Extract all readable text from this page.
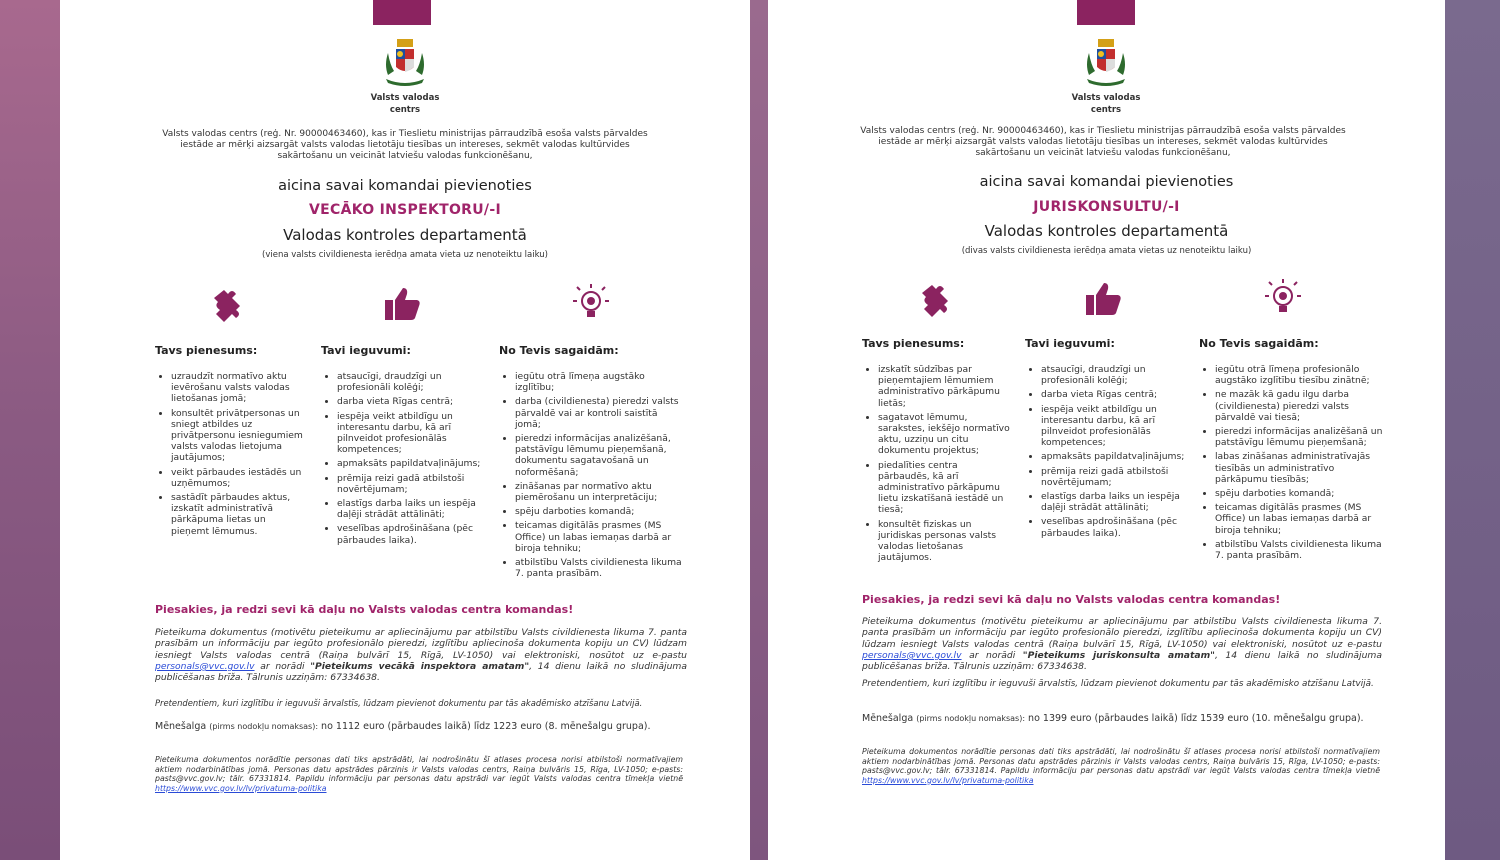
Valsts valodas
centrs
Valsts valodas centrs (reģ. Nr. 90000463460), kas ir Tieslietu ministrijas pārraudzībā esoša valsts pārvaldes iestāde ar mērķi aizsargāt valsts valodas lietotāju tiesības un intereses, sekmēt valodas kultūrvides sakārtošanu un veicināt latviešu valodas funkcionēšanu,
aicina savai komandai pievienoties
VECĀKO INSPEKTORU/-I
Valodas kontroles departamentā
(viena valsts civildienesta ierēdņa amata vieta uz nenoteiktu laiku)
Tavs pienesums:
• uzraudzīt normatīvo aktu ievērošanu valsts valodas lietošanas jomā;
• konsultēt privātpersonas un sniegt atbildes uz privātpersonu iesniegumiem valsts valodas lietojuma jautājumos;
• veikt pārbaudes iestādēs un uzņēmumos;
• sastādīt pārbaudes aktus, izskatīt administratīvā pārkāpuma lietas un pieņemt lēmumus.
Tavi ieguvumi:
• atsaucīgi, draudzīgi un profesionāli kolēģi;
• darba vieta Rīgas centrā;
• iespēja veikt atbildīgu un interesantu darbu, kā arī pilnveidot profesionālās kompetences;
• apmaksāts papildatvaļinājums;
• prēmija reizi gadā atbilstoši novērtējumam;
• elastīgs darba laiks un iespēja daļēji strādāt attālināti;
• veselības apdrošināšana (pēc pārbaudes laika).
No Tevis sagaidām:
• iegūtu otrā līmeņa augstāko izglītību;
• darba (civildienesta) pieredzi valsts pārvaldē vai ar kontroli saistītā jomā;
• pieredzi informācijas analizēšanā, patstāvīgu lēmumu pieņemšanā, dokumentu sagatavošanā un noformēšanā;
• zināšanas par normatīvo aktu piemērošanu un interpretāciju;
• spēju darboties komandā;
• teicamas digitālās prasmes (MS Office) un labas iemaņas darbā ar biroja tehniku;
• atbilstību Valsts civildienesta likuma 7. panta prasībām.
Piesakies, ja redzi sevi kā daļu no Valsts valodas centra komandas!
Pieteikuma dokumentus (motivētu pieteikumu ar apliecinājumu par atbilstību Valsts civildienesta likuma 7. panta prasībām un informāciju par iegūto profesionālo pieredzi, izglītību apliecinoša dokumenta kopiju un CV) lūdzam iesniegt Valsts valodas centrā (Raiņa bulvārī 15, Rīgā, LV-1050) vai elektroniski, nosūtot uz e-pastu personals@vvc.gov.lv ar norādi "Pieteikums vecākā inspektora amatam", 14 dienu laikā no sludinājuma publicēšanas brīža. Tālrunis uzziņām: 67334638.
Pretendentiem, kuri izglītību ir ieguvuši ārvalstīs, lūdzam pievienot dokumentu par tās akadēmisko atzīšanu Latvijā.
Mēnešalga (pirms nodokļu nomaksas): no 1112 euro (pārbaudes laikā) līdz 1223 euro (8. mēnešalgu grupa).
Pieteikuma dokumentos norādītie personas dati tiks apstrādāti, lai nodrošinātu šī atlases procesa norisi atbilstoši normatīvajiem aktiem nodarbinātības jomā. Personas datu apstrādes pārzinis ir Valsts valodas centrs, Raiņa bulvāris 15, Rīga, LV-1050; e-pasts: pasts@vvc.gov.lv; tālr. 67331814. Papildu informāciju par personas datu apstrādi var iegūt Valsts valodas centra tīmekļa vietnē https://www.vvc.gov.lv/lv/privatuma-politika
Valsts valodas
centrs
Valsts valodas centrs (reģ. Nr. 90000463460), kas ir Tieslietu ministrijas pārraudzībā esoša valsts pārvaldes iestāde ar mērķi aizsargāt valsts valodas lietotāju tiesības un intereses, sekmēt valodas kultūrvides sakārtošanu un veicināt latviešu valodas funkcionēšanu,
aicina savai komandai pievienoties
JURISKONSULTU/-I
Valodas kontroles departamentā
(divas valsts civildienesta ierēdņa amata vietas uz nenoteiktu laiku)
Tavs pienesums:
• izskatīt sūdzības par pieņemtajiem lēmumiem administratīvo pārkāpumu lietās;
• sagatavot lēmumu, sarakstes, iekšējo normatīvo aktu, uzziņu un citu dokumentu projektus;
• piedalīties centra pārbaudēs, kā arī administratīvo pārkāpumu lietu izskatīšanā iestādē un tiesā;
• konsultēt fiziskas un juridiskas personas valsts valodas lietošanas jautājumos.
Tavi ieguvumi:
• atsaucīgi, draudzīgi un profesionāli kolēģi;
• darba vieta Rīgas centrā;
• iespēja veikt atbildīgu un interesantu darbu, kā arī pilnveidot profesionālās kompetences;
• apmaksāts papildatvaļinājums;
• prēmija reizi gadā atbilstoši novērtējumam;
• elastīgs darba laiks un iespēja daļēji strādāt attālināti;
• veselības apdrošināšana (pēc pārbaudes laika).
No Tevis sagaidām:
• iegūtu otrā līmeņa profesionālo augstāko izglītību tiesību zinātnē;
• ne mazāk kā gadu ilgu darba (civildienesta) pieredzi valsts pārvaldē vai tiesā;
• pieredzi informācijas analizēšanā un patstāvīgu lēmumu pieņemšanā;
• labas zināšanas administratīvajās tiesībās un administratīvo pārkāpumu tiesībās;
• spēju darboties komandā;
• teicamas digitālās prasmes (MS Office) un labas iemaņas darbā ar biroja tehniku;
• atbilstību Valsts civildienesta likuma 7. panta prasībām.
Piesakies, ja redzi sevi kā daļu no Valsts valodas centra komandas!
Pieteikuma dokumentus (motivētu pieteikumu ar apliecinājumu par atbilstību Valsts civildienesta likuma 7. panta prasībām un informāciju par iegūto profesionālo pieredzi, izglītību apliecinoša dokumenta kopiju un CV) lūdzam iesniegt Valsts valodas centrā (Raiņa bulvārī 15, Rīgā, LV-1050) vai elektroniski, nosūtot uz e-pastu personals@vvc.gov.lv ar norādi "Pieteikums juriskonsulta amatam", 14 dienu laikā no sludinājuma publicēšanas brīža. Tālrunis uzziņām: 67334638.
Pretendentiem, kuri izglītību ir ieguvuši ārvalstīs, lūdzam pievienot dokumentu par tās akadēmisko atzīšanu Latvijā.
Mēnešalga (pirms nodokļu nomaksas): no 1399 euro (pārbaudes laikā) līdz 1539 euro (10. mēnešalgu grupa).
Pieteikuma dokumentos norādītie personas dati tiks apstrādāti, lai nodrošinātu šī atlases procesa norisi atbilstoši normatīvajiem aktiem nodarbinātības jomā. Personas datu apstrādes pārzinis ir Valsts valodas centrs, Raiņa bulvāris 15, Rīga, LV-1050; e-pasts: pasts@vvc.gov.lv; tālr. 67331814. Papildu informāciju par personas datu apstrādi var iegūt Valsts valodas centra tīmekļa vietnē https://www.vvc.gov.lv/lv/privatuma-politika
